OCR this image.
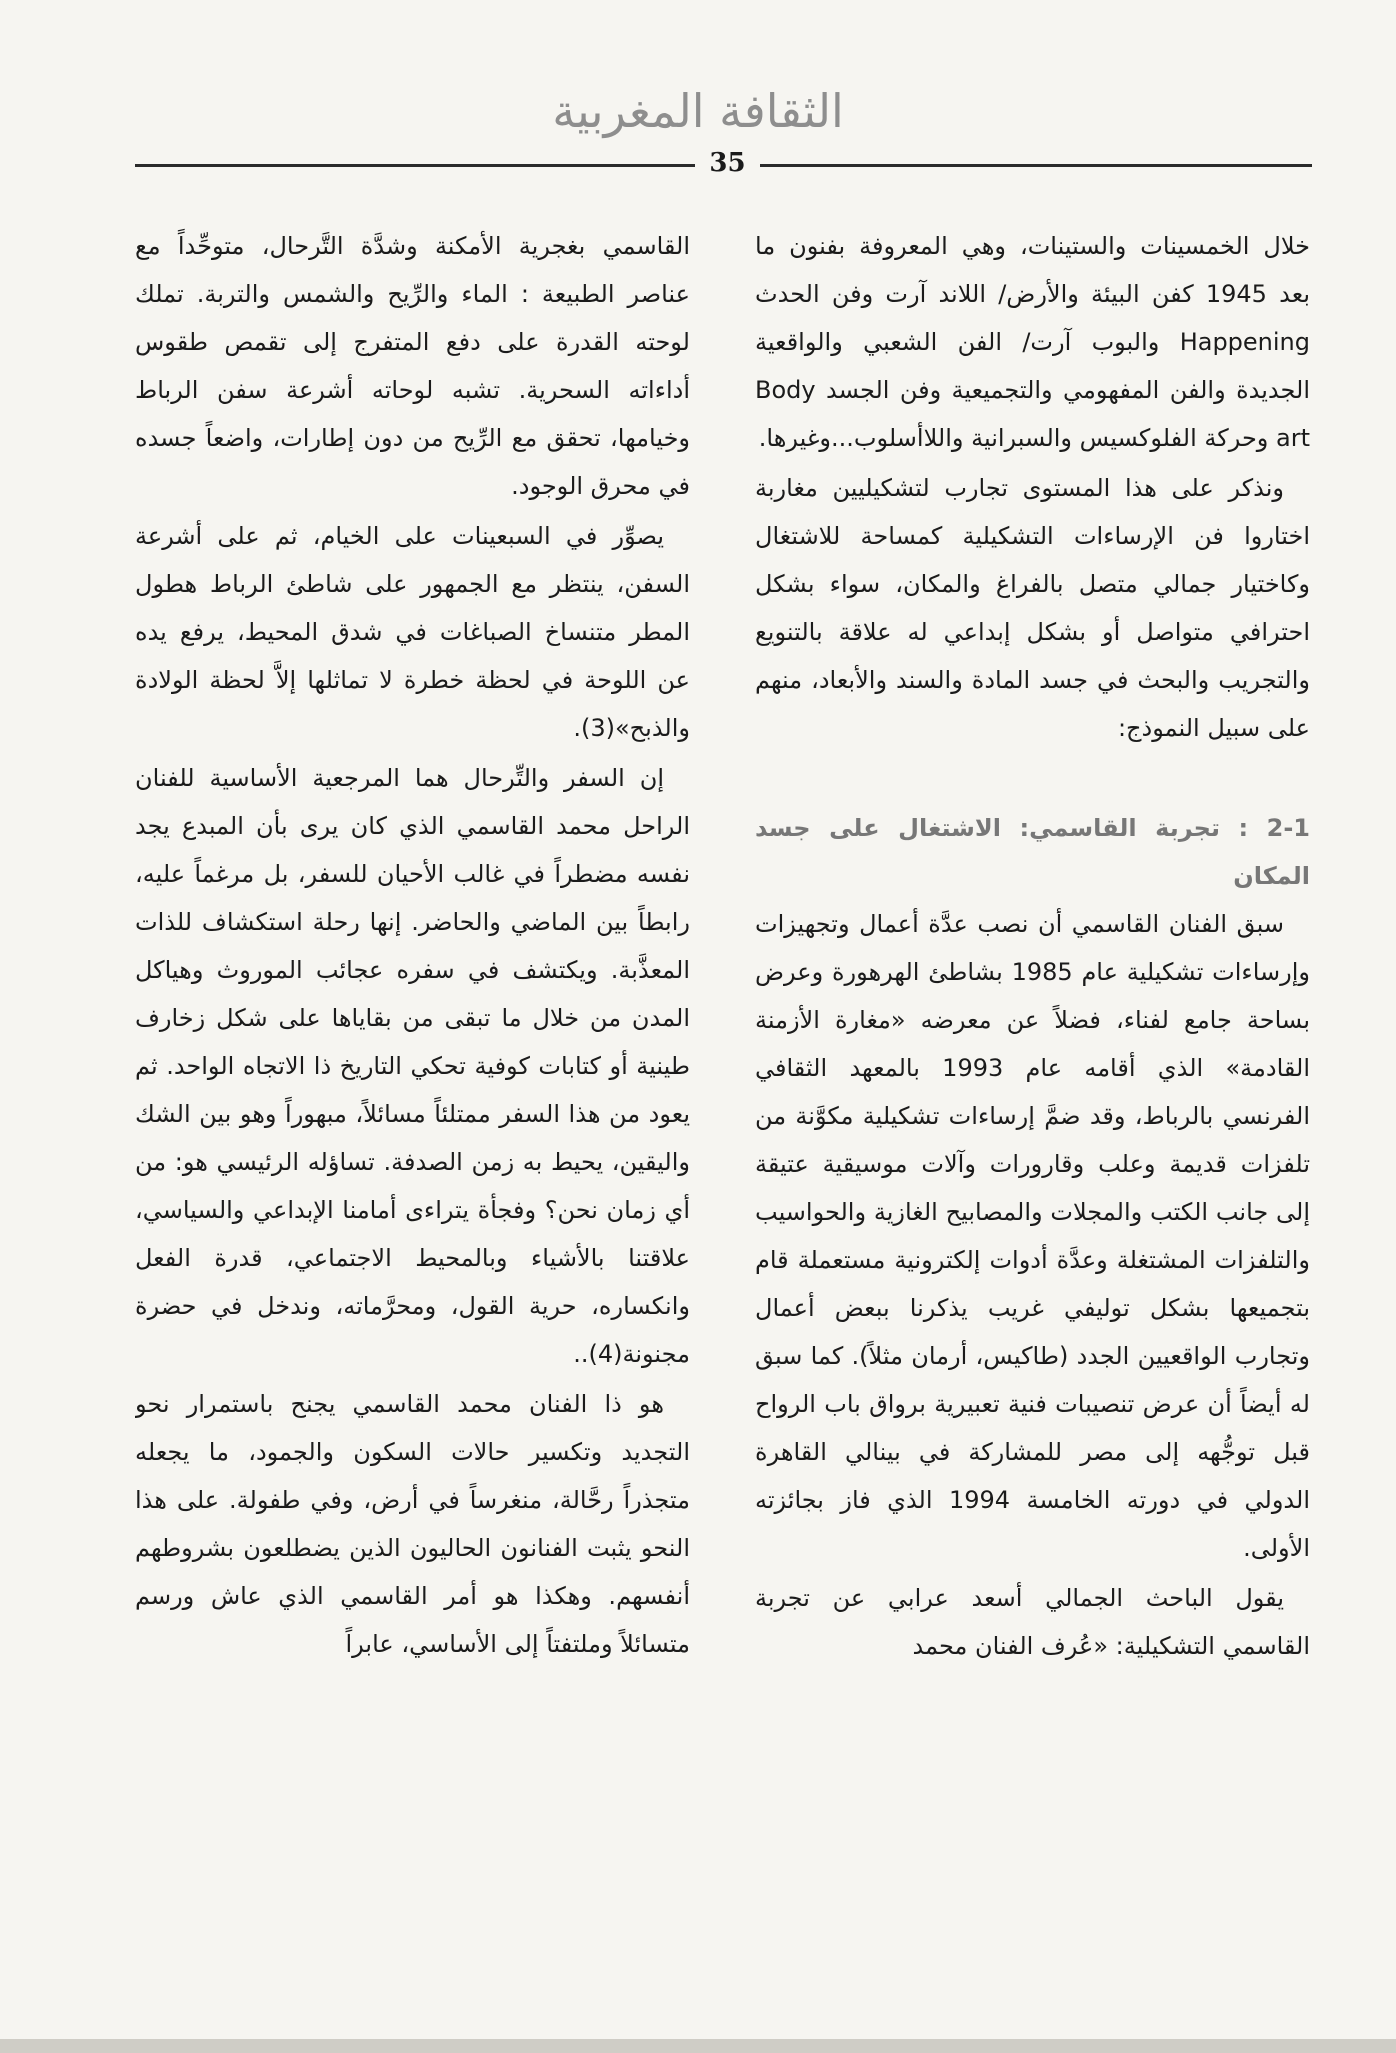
الثقافة المغربية
35

خلال الخمسينات والستينات، وهي المعروفة بفنون ما بعد 1945 كفن البيئة والأرض/ اللاند آرت وفن الحدث Happening والبوب آرت/ الفن الشعبي والواقعية الجديدة والفن المفهومي والتجميعية وفن الجسد Body art وحركة الفلوكسيس والسبرانية واللاأسلوب...وغيرها.

ونذكر على هذا المستوى تجارب لتشكيليين مغاربة اختاروا فن الإرساءات التشكيلية كمساحة للاشتغال وكاختيار جمالي متصل بالفراغ والمكان، سواء بشكل احترافي متواصل أو بشكل إبداعي له علاقة بالتنويع والتجريب والبحث في جسد المادة والسند والأبعاد، منهم على سبيل النموذج:

2-1 : تجربة القاسمي: الاشتغال على جسد المكان

سبق الفنان القاسمي أن نصب عدَّة أعمال وتجهيزات وإرساءات تشكيلية عام 1985 بشاطئ الهرهورة وعرض بساحة جامع لفناء، فضلاً عن معرضه «مغارة الأزمنة القادمة» الذي أقامه عام 1993 بالمعهد الثقافي الفرنسي بالرباط، وقد ضمَّ إرساءات تشكيلية مكوَّنة من تلفزات قديمة وعلب وقارورات وآلات موسيقية عتيقة إلى جانب الكتب والمجلات والمصابيح الغازية والحواسيب والتلفزات المشتغلة وعدَّة أدوات إلكترونية مستعملة قام بتجميعها بشكل توليفي غريب يذكرنا ببعض أعمال وتجارب الواقعيين الجدد (طاكيس، أرمان مثلاً). كما سبق له أيضاً أن عرض تنصيبات فنية تعبيرية برواق باب الرواح قبل توجُّهه إلى مصر للمشاركة في بينالي القاهرة الدولي في دورته الخامسة 1994 الذي فاز بجائزته الأولى.

يقول الباحث الجمالي أسعد عرابي عن تجربة القاسمي التشكيلية: «عُرف الفنان محمد

القاسمي بغجرية الأمكنة وشدَّة التَّرحال، متوحِّداً مع عناصر الطبيعة : الماء والرِّيح والشمس والتربة. تملك لوحته القدرة على دفع المتفرج إلى تقمص طقوس أداءاته السحرية. تشبه لوحاته أشرعة سفن الرباط وخيامها، تحقق مع الرِّيح من دون إطارات، واضعاً جسده في محرق الوجود.

يصوِّر في السبعينات على الخيام، ثم على أشرعة السفن، ينتظر مع الجمهور على شاطئ الرباط هطول المطر متنساخ الصباغات في شدق المحيط، يرفع يده عن اللوحة في لحظة خطرة لا تماثلها إلاَّ لحظة الولادة والذبح»(3).

إن السفر والتِّرحال هما المرجعية الأساسية للفنان الراحل محمد القاسمي الذي كان يرى بأن المبدع يجد نفسه مضطراً في غالب الأحيان للسفر، بل مرغماً عليه، رابطاً بين الماضي والحاضر. إنها رحلة استكشاف للذات المعذَّبة. ويكتشف في سفره عجائب الموروث وهياكل المدن من خلال ما تبقى من بقاياها على شكل زخارف طينية أو كتابات كوفية تحكي التاريخ ذا الاتجاه الواحد. ثم يعود من هذا السفر ممتلئاً مسائلاً، مبهوراً وهو بين الشك واليقين، يحيط به زمن الصدفة. تساؤله الرئيسي هو: من أي زمان نحن؟ وفجأة يتراءى أمامنا الإبداعي والسياسي، علاقتنا بالأشياء وبالمحيط الاجتماعي، قدرة الفعل وانكساره، حرية القول، ومحرَّماته، وندخل في حضرة مجنونة(4)..

هو ذا الفنان محمد القاسمي يجنح باستمرار نحو التجديد وتكسير حالات السكون والجمود، ما يجعله متجذراً رحَّالة، منغرساً في أرض، وفي طفولة. على هذا النحو يثبت الفنانون الحاليون الذين يضطلعون بشروطهم أنفسهم. وهكذا هو أمر القاسمي الذي عاش ورسم متسائلاً وملتفتاً إلى الأساسي، عابراً
